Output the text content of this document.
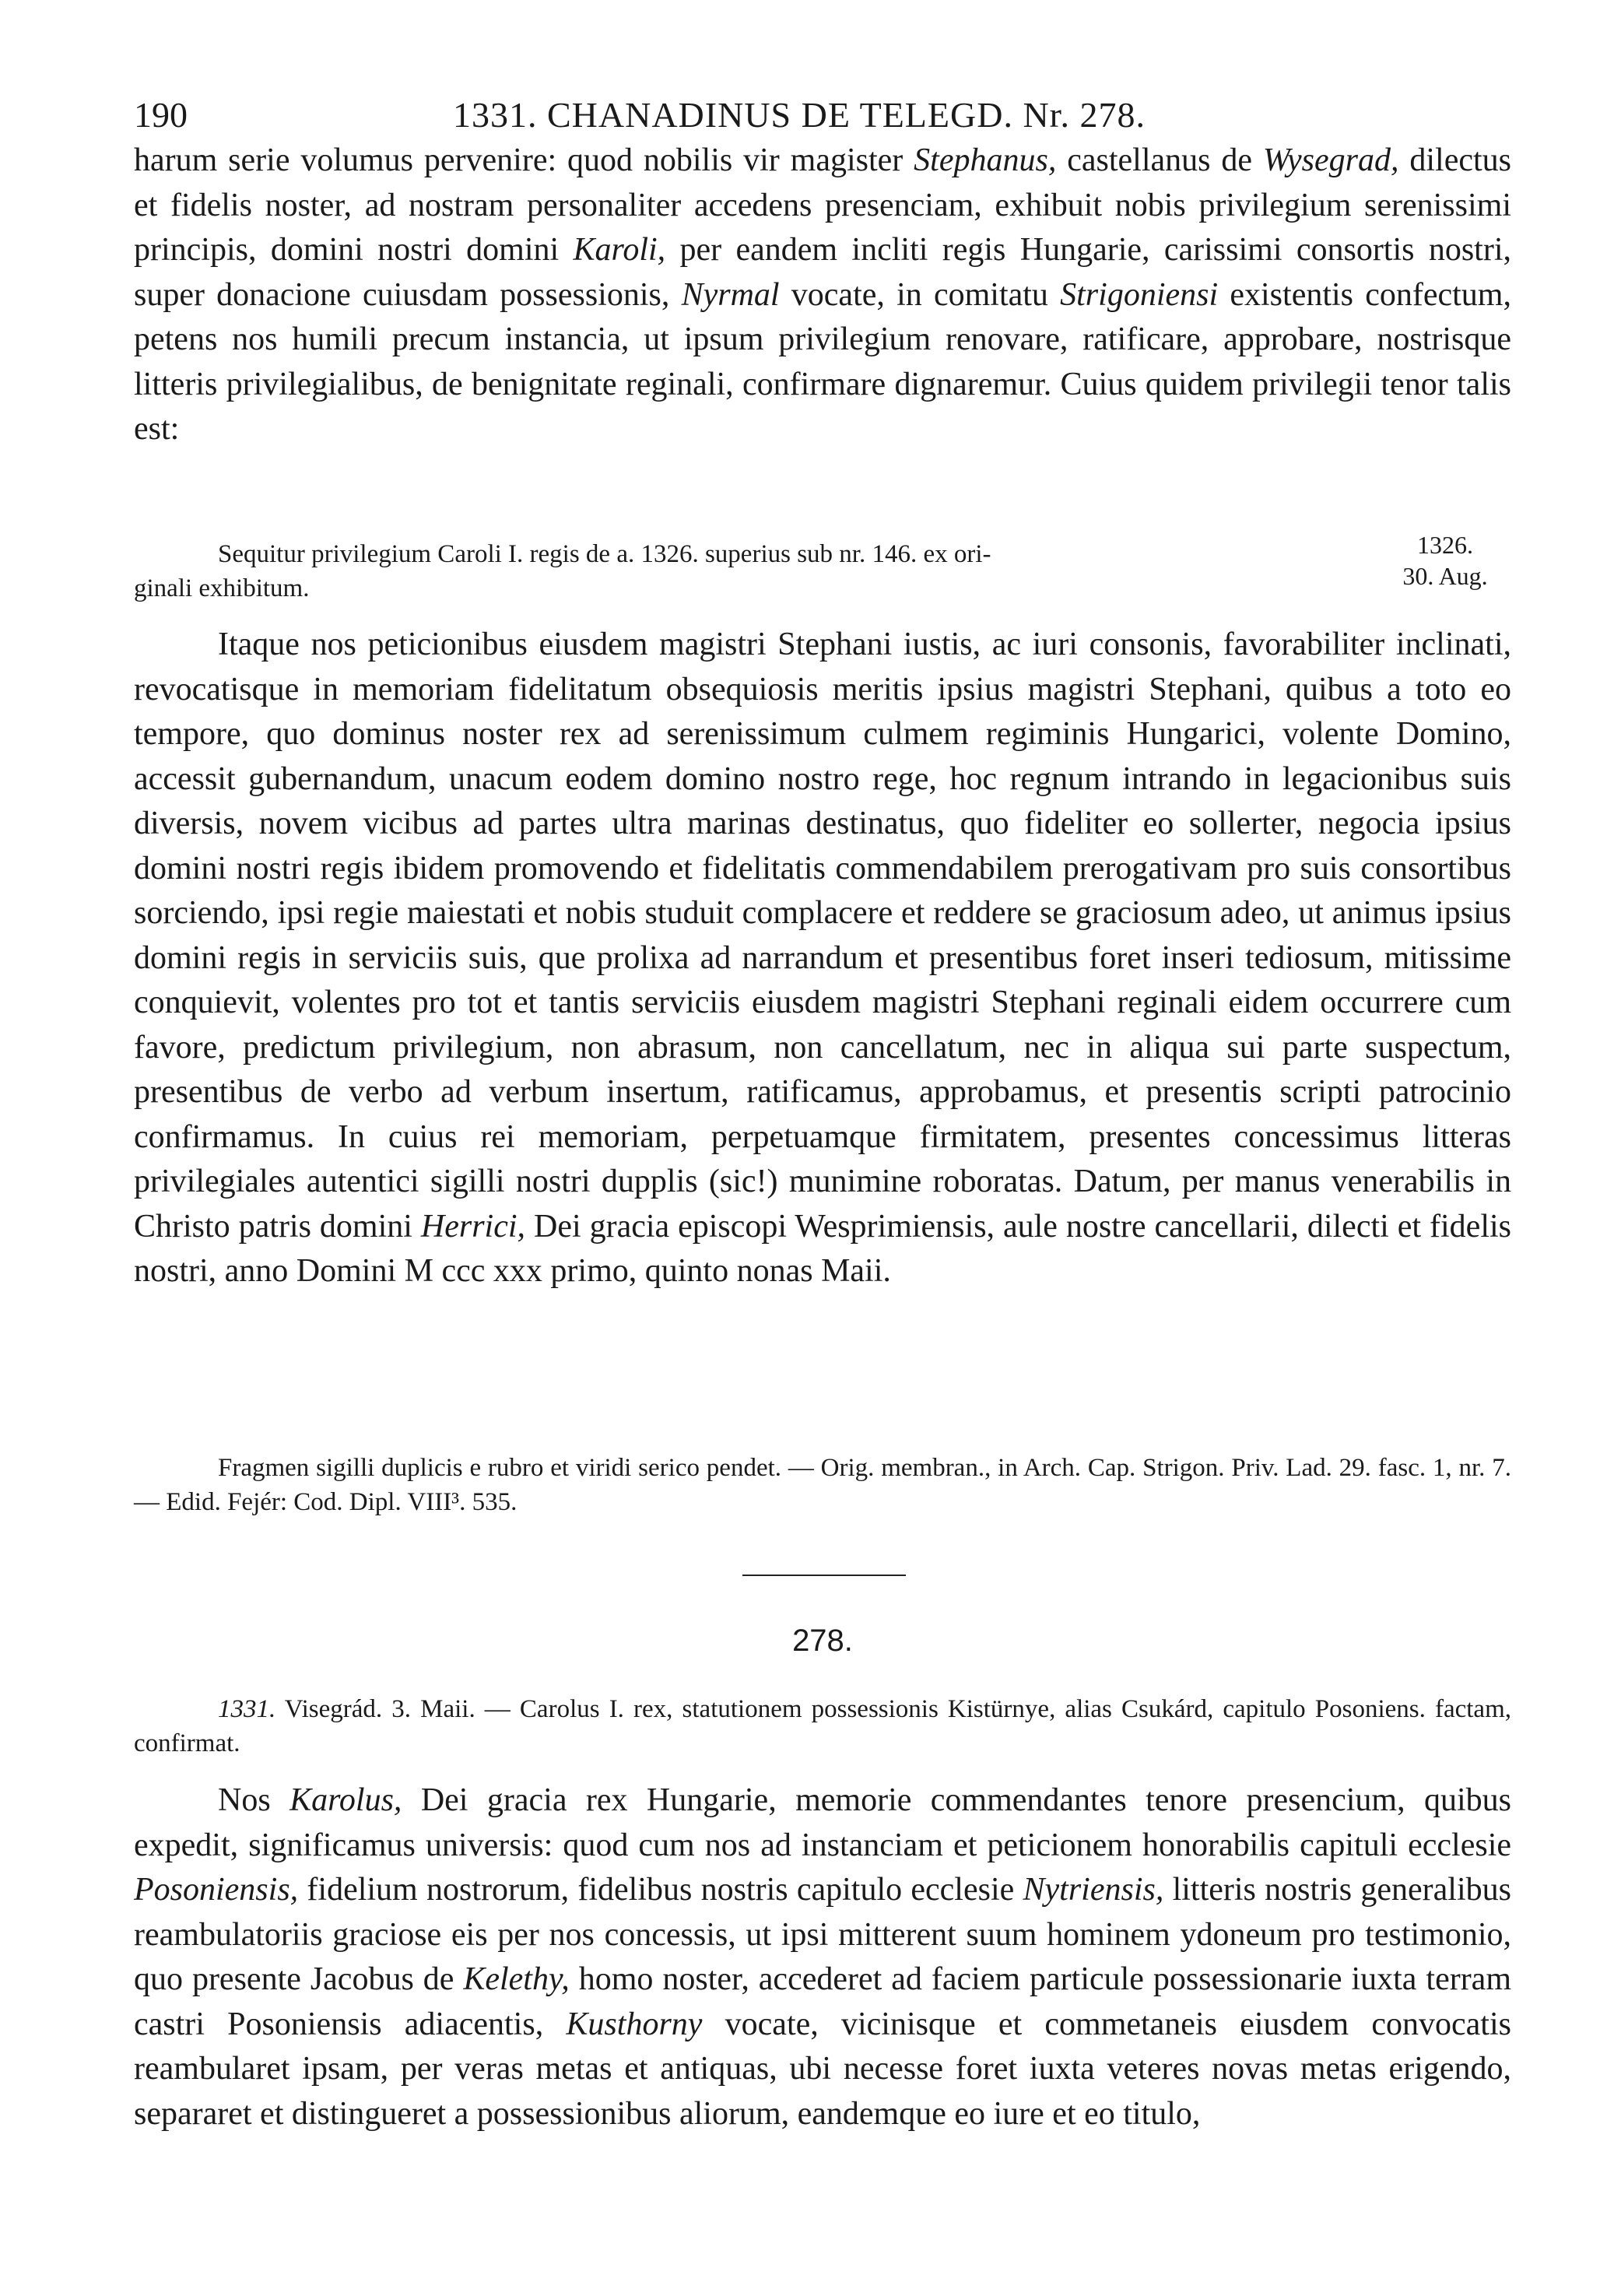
190	1331. CHANADINUS DE TELEGD. Nr. 278.

harum serie volumus pervenire: quod nobilis vir magister Stephanus, castellanus de Wysegrad, dilectus et fidelis noster, ad nostram personaliter accedens presenciam, exhibuit nobis privilegium serenissimi principis, domini nostri domini Karoli, per eandem incliti regis Hungarie, carissimi consortis nostri, super donacione cuiusdam possessionis, Nyrmal vocate, in comitatu Strigoniensi existentis confectum, petens nos humili precum instancia, ut ipsum privilegium renovare, ratificare, approbare, nostrisque litteris privilegialibus, de benignitate reginali, confirmare dignaremur. Cuius quidem privilegii tenor talis est:

Sequitur privilegium Caroli I. regis de a. 1326. superius sub nr. 146. ex ori-
ginali exhibitum.
1326.
30. Aug.

Itaque nos peticionibus eiusdem magistri Stephani iustis, ac iuri consonis, favorabiliter inclinati, revocatisque in memoriam fidelitatum obsequiosis meritis ipsius magistri Stephani, quibus a toto eo tempore, quo dominus noster rex ad serenissimum culmem regiminis Hungarici, volente Domino, accessit gubernandum, unacum eodem domino nostro rege, hoc regnum intrando in legacionibus suis diversis, novem vicibus ad partes ultra marinas destinatus, quo fideliter eo sollerter, negocia ipsius domini nostri regis ibidem promovendo et fidelitatis commendabilem prerogativam pro suis consortibus sorciendo, ipsi regie maiestati et nobis studuit complacere et reddere se graciosum adeo, ut animus ipsius domini regis in serviciis suis, que prolixa ad narrandum et presentibus foret inseri tediosum, mitissime conquievit, volentes pro tot et tantis serviciis eiusdem magistri Stephani reginali eidem occurrere cum favore, predictum privilegium, non abrasum, non cancellatum, nec in aliqua sui parte suspectum, presentibus de verbo ad verbum insertum, ratificamus, approbamus, et presentis scripti patrocinio confirmamus. In cuius rei memoriam, perpetuamque firmitatem, presentes concessimus litteras privilegiales autentici sigilli nostri dupplis (sic!) munimine roboratas. Datum, per manus venerabilis in Christo patris domini Herrici, Dei gracia episcopi Wesprimiensis, aule nostre cancellarii, dilecti et fidelis nostri, anno Domini M ccc xxx primo, quinto nonas Maii.

Fragmen sigilli duplicis e rubro et viridi serico pendet. — Orig. membran., in Arch. Cap. Strigon. Priv. Lad. 29. fasc. 1, nr. 7. — Edid. Fejér: Cod. Dipl. VIII³. 535.

278.

1331. Visegrád. 3. Maii. — Carolus I. rex, statutionem possessionis Kistürnye, alias Csukárd, capitulo Posoniens. factam, confirmat.

Nos Karolus, Dei gracia rex Hungarie, memorie commendantes tenore presencium, quibus expedit, significamus universis: quod cum nos ad instanciam et peticionem honorabilis capituli ecclesie Posoniensis, fidelium nostrorum, fidelibus nostris capitulo ecclesie Nytriensis, litteris nostris generalibus reambulatoriis graciose eis per nos concessis, ut ipsi mitterent suum hominem ydoneum pro testimonio, quo presente Jacobus de Kelethy, homo noster, accederet ad faciem particule possessionarie iuxta terram castri Posoniensis adiacentis, Kusthorny vocate, vicinisque et commetaneis eiusdem convocatis reambularet ipsam, per veras metas et antiquas, ubi necesse foret iuxta veteres novas metas erigendo, separaret et distingueret a possessionibus aliorum, eandemque eo iure et eo titulo,
